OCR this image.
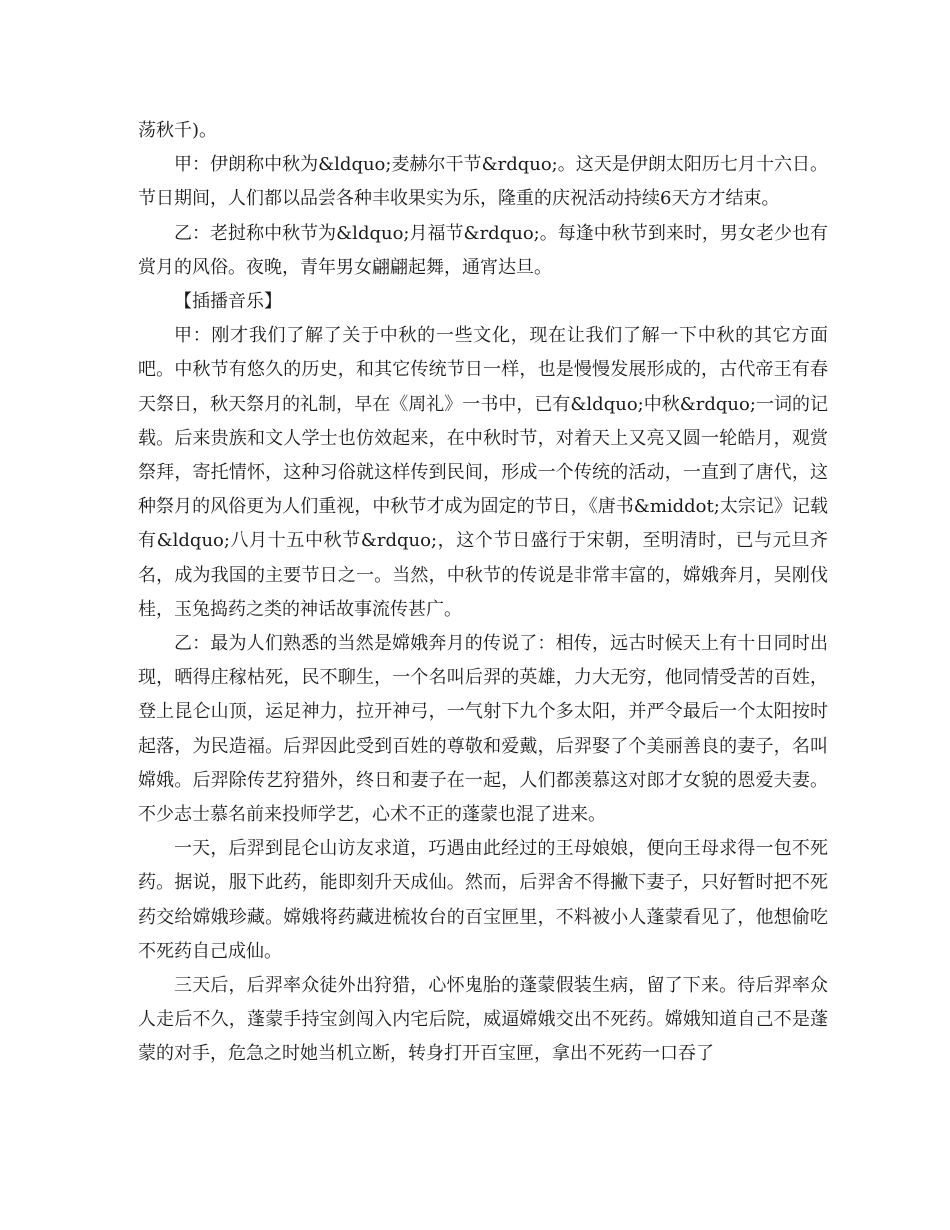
荡秋千)。

甲：伊朗称中秋为&ldquo;麦赫尔干节&rdquo;。这天是伊朗太阳历七月十六日。节日期间，人们都以品尝各种丰收果实为乐，隆重的庆祝活动持续6天方才结束。

乙：老挝称中秋节为&ldquo;月福节&rdquo;。每逢中秋节到来时，男女老少也有赏月的风俗。夜晚，青年男女翩翩起舞，通宵达旦。

【插播音乐】

甲：刚才我们了解了关于中秋的一些文化，现在让我们了解一下中秋的其它方面吧。中秋节有悠久的历史，和其它传统节日一样，也是慢慢发展形成的，古代帝王有春天祭日，秋天祭月的礼制，早在《周礼》一书中，已有&ldquo;中秋&rdquo;一词的记载。后来贵族和文人学士也仿效起来，在中秋时节，对着天上又亮又圆一轮皓月，观赏祭拜，寄托情怀，这种习俗就这样传到民间，形成一个传统的活动，一直到了唐代，这种祭月的风俗更为人们重视，中秋节才成为固定的节日，《唐书&middot;太宗记》记载有&ldquo;八月十五中秋节&rdquo;，这个节日盛行于宋朝，至明清时，已与元旦齐名，成为我国的主要节日之一。当然，中秋节的传说是非常丰富的，嫦娥奔月，吴刚伐桂，玉兔捣药之类的神话故事流传甚广。

乙：最为人们熟悉的当然是嫦娥奔月的传说了：相传，远古时候天上有十日同时出现，晒得庄稼枯死，民不聊生，一个名叫后羿的英雄，力大无穷，他同情受苦的百姓，登上昆仑山顶，运足神力，拉开神弓，一气射下九个多太阳，并严令最后一个太阳按时起落，为民造福。后羿因此受到百姓的尊敬和爱戴，后羿娶了个美丽善良的妻子，名叫嫦娥。后羿除传艺狩猎外，终日和妻子在一起，人们都羡慕这对郎才女貌的恩爱夫妻。不少志士慕名前来投师学艺，心术不正的蓬蒙也混了进来。

一天，后羿到昆仑山访友求道，巧遇由此经过的王母娘娘，便向王母求得一包不死药。据说，服下此药，能即刻升天成仙。然而，后羿舍不得撇下妻子，只好暂时把不死药交给嫦娥珍藏。嫦娥将药藏进梳妆台的百宝匣里，不料被小人蓬蒙看见了，他想偷吃不死药自己成仙。

三天后，后羿率众徒外出狩猎，心怀鬼胎的蓬蒙假装生病，留了下来。待后羿率众人走后不久，蓬蒙手持宝剑闯入内宅后院，威逼嫦娥交出不死药。嫦娥知道自己不是蓬蒙的对手，危急之时她当机立断，转身打开百宝匣，拿出不死药一口吞了
